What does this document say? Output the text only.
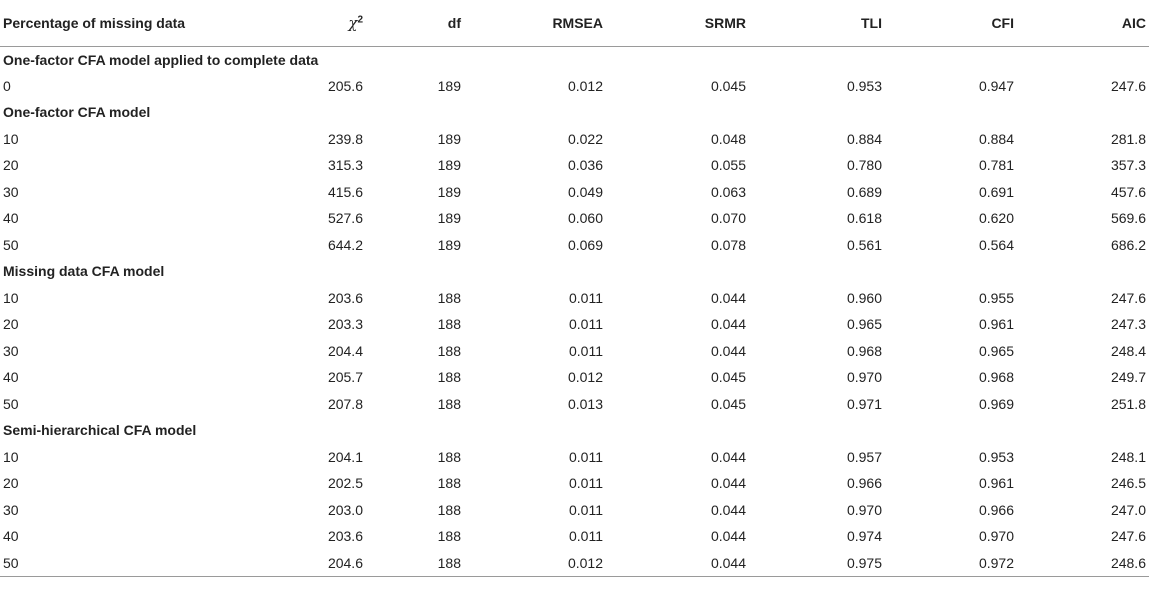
Percentage of missing data	$\chi^2$	df	RMSEA	SRMR	TLI	CFI	AIC
One-factor CFA model applied to complete data							
0	205.6	189	0.012	0.045	0.953	0.947	247.6
One-factor CFA model							
10	239.8	189	0.022	0.048	0.884	0.884	281.8
20	315.3	189	0.036	0.055	0.780	0.781	357.3
30	415.6	189	0.049	0.063	0.689	0.691	457.6
40	527.6	189	0.060	0.070	0.618	0.620	569.6
50	644.2	189	0.069	0.078	0.561	0.564	686.2
Missing data CFA model							
10	203.6	188	0.011	0.044	0.960	0.955	247.6
20	203.3	188	0.011	0.044	0.965	0.961	247.3
30	204.4	188	0.011	0.044	0.968	0.965	248.4
40	205.7	188	0.012	0.045	0.970	0.968	249.7
50	207.8	188	0.013	0.045	0.971	0.969	251.8
Semi-hierarchical CFA model							
10	204.1	188	0.011	0.044	0.957	0.953	248.1
20	202.5	188	0.011	0.044	0.966	0.961	246.5
30	203.0	188	0.011	0.044	0.970	0.966	247.0
40	203.6	188	0.011	0.044	0.974	0.970	247.6
50	204.6	188	0.012	0.044	0.975	0.972	248.6
